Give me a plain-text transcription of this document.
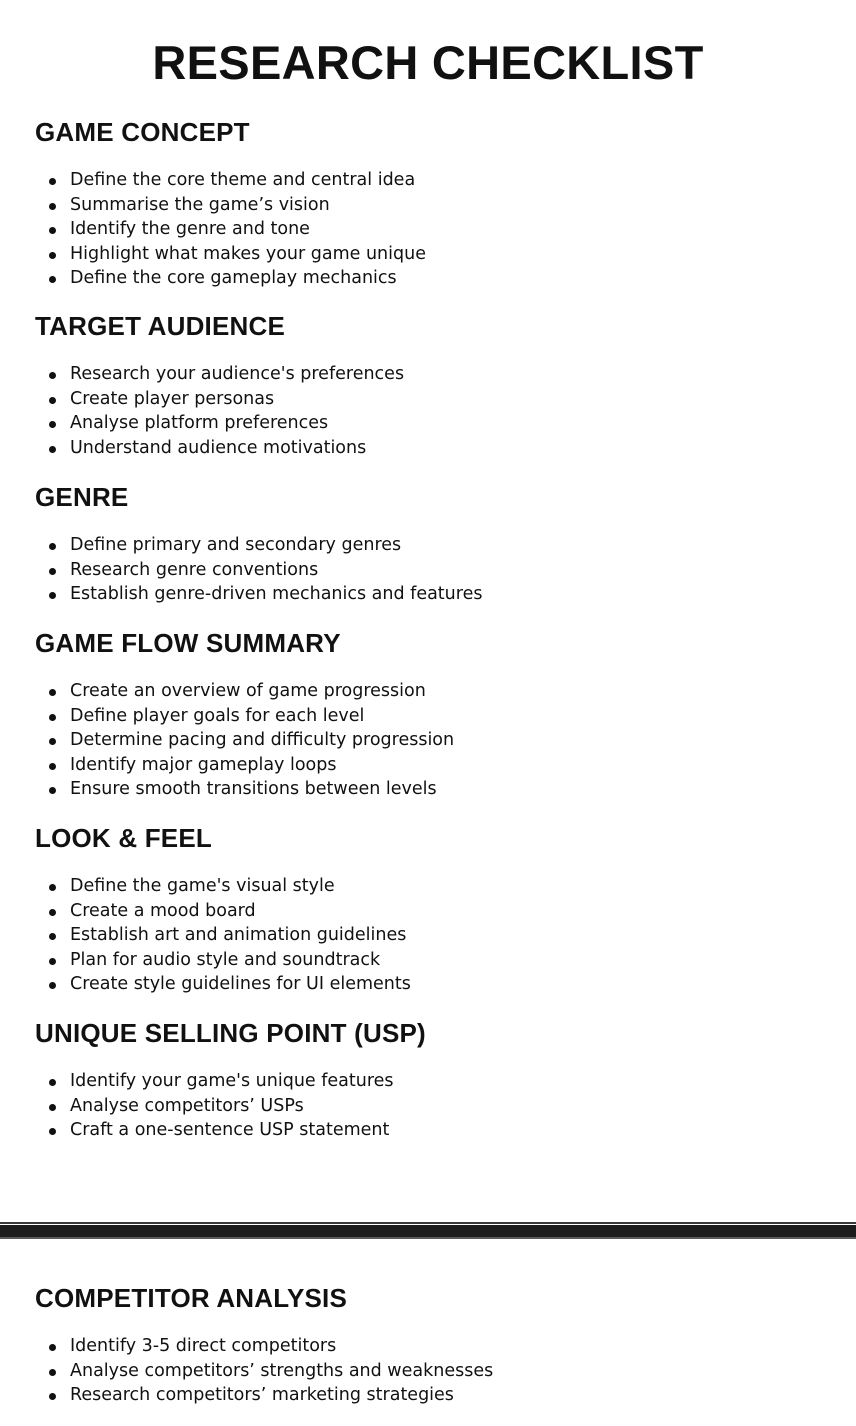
RESEARCH CHECKLIST
GAME CONCEPT
Define the core theme and central idea
Summarise the game’s vision
Identify the genre and tone
Highlight what makes your game unique
Define the core gameplay mechanics
TARGET AUDIENCE
Research your audience's preferences
Create player personas
Analyse platform preferences
Understand audience motivations
GENRE
Define primary and secondary genres
Research genre conventions
Establish genre-driven mechanics and features
GAME FLOW SUMMARY
Create an overview of game progression
Define player goals for each level
Determine pacing and difficulty progression
Identify major gameplay loops
Ensure smooth transitions between levels
LOOK & FEEL
Define the game's visual style
Create a mood board
Establish art and animation guidelines
Plan for audio style and soundtrack
Create style guidelines for UI elements
UNIQUE SELLING POINT (USP)
Identify your game's unique features
Analyse competitors’ USPs
Craft a one-sentence USP statement
COMPETITOR ANALYSIS
Identify 3-5 direct competitors
Analyse competitors’ strengths and weaknesses
Research competitors’ marketing strategies
